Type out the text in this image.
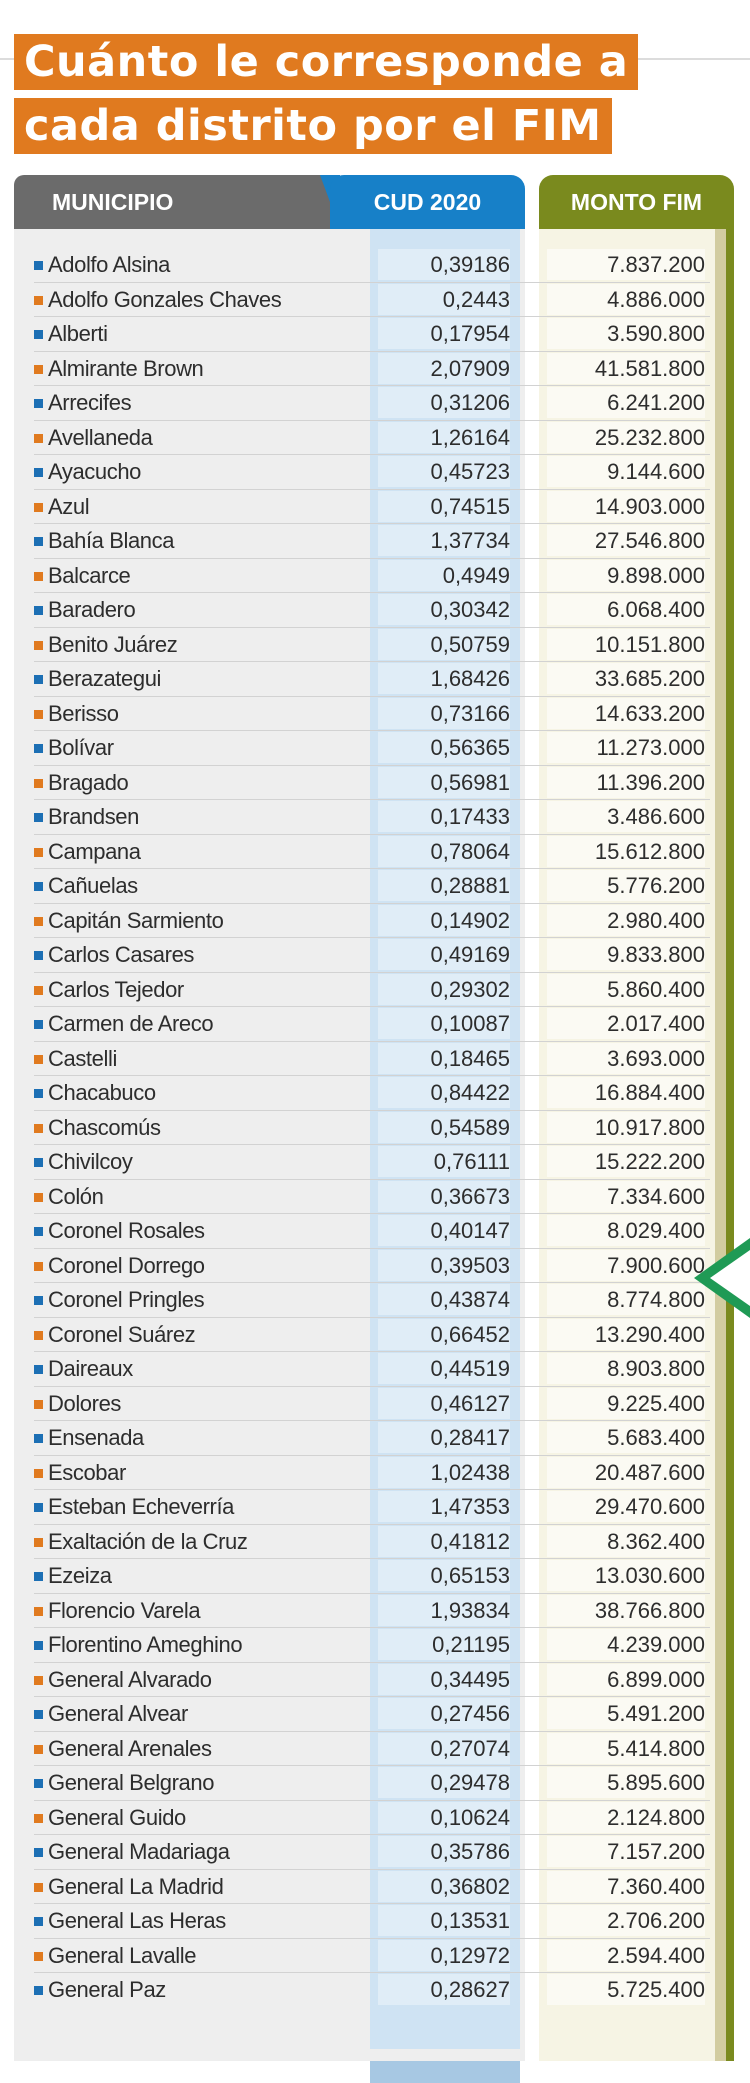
Cuánto le corresponde a
cada distrito por el FIM
MUNICIPIO	CUD 2020	MONTO FIM
Adolfo Alsina	0,39186	7.837.200
Adolfo Gonzales Chaves	0,2443	4.886.000
Alberti	0,17954	3.590.800
Almirante Brown	2,07909	41.581.800
Arrecifes	0,31206	6.241.200
Avellaneda	1,26164	25.232.800
Ayacucho	0,45723	9.144.600
Azul	0,74515	14.903.000
Bahía Blanca	1,37734	27.546.800
Balcarce	0,4949	9.898.000
Baradero	0,30342	6.068.400
Benito Juárez	0,50759	10.151.800
Berazategui	1,68426	33.685.200
Berisso	0,73166	14.633.200
Bolívar	0,56365	11.273.000
Bragado	0,56981	11.396.200
Brandsen	0,17433	3.486.600
Campana	0,78064	15.612.800
Cañuelas	0,28881	5.776.200
Capitán Sarmiento	0,14902	2.980.400
Carlos Casares	0,49169	9.833.800
Carlos Tejedor	0,29302	5.860.400
Carmen de Areco	0,10087	2.017.400
Castelli	0,18465	3.693.000
Chacabuco	0,84422	16.884.400
Chascomús	0,54589	10.917.800
Chivilcoy	0,76111	15.222.200
Colón	0,36673	7.334.600
Coronel Rosales	0,40147	8.029.400
Coronel Dorrego	0,39503	7.900.600
Coronel Pringles	0,43874	8.774.800
Coronel Suárez	0,66452	13.290.400
Daireaux	0,44519	8.903.800
Dolores	0,46127	9.225.400
Ensenada	0,28417	5.683.400
Escobar	1,02438	20.487.600
Esteban Echeverría	1,47353	29.470.600
Exaltación de la Cruz	0,41812	8.362.400
Ezeiza	0,65153	13.030.600
Florencio Varela	1,93834	38.766.800
Florentino Ameghino	0,21195	4.239.000
General Alvarado	0,34495	6.899.000
General Alvear	0,27456	5.491.200
General Arenales	0,27074	5.414.800
General Belgrano	0,29478	5.895.600
General Guido	0,10624	2.124.800
General Madariaga	0,35786	7.157.200
General La Madrid	0,36802	7.360.400
General Las Heras	0,13531	2.706.200
General Lavalle	0,12972	2.594.400
General Paz	0,28627	5.725.400
